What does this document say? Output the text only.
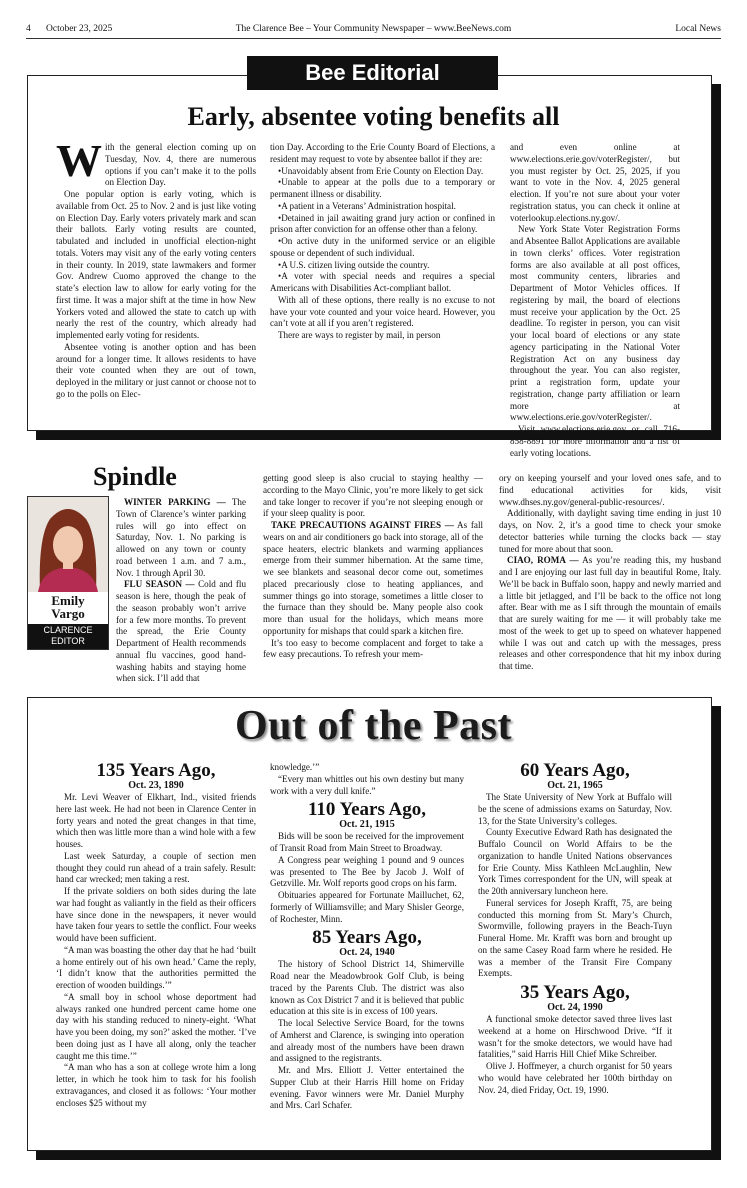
4 October 23, 2025	The Clarence Bee – Your Community Newspaper – www.BeeNews.com	Local News
Bee Editorial
Early, absentee voting benefits all

With the general election coming up on Tuesday, Nov. 4, there are numerous options if you can’t make it to the polls on Election Day.

One popular option is early voting, which is available from Oct. 25 to Nov. 2 and is just like voting on Election Day. Early voters privately mark and scan their ballots. Early voting results are counted, tabulated and included in unofficial election-night totals. Voters may visit any of the early voting centers in their county. In 2019, state lawmakers and former Gov. Andrew Cuomo approved the change to the state’s election law to allow for early voting for the first time. It was a major shift at the time in how New Yorkers voted and allowed the state to catch up with nearly the rest of the country, which already had implemented early voting for residents.

Absentee voting is another option and has been around for a longer time. It allows residents to have their vote counted when they are out of town, deployed in the military or just cannot or choose not to go to the polls on Elec-

tion Day. According to the Erie County Board of Elections, a resident may request to vote by absentee ballot if they are:

• Unavoidably absent from Erie County on Election Day.

• Unable to appear at the polls due to a temporary or permanent illness or disability.

• A patient in a Veterans’ Administration hospital.

• Detained in jail awaiting grand jury action or confined in prison after conviction for an offense other than a felony.

• On active duty in the uniformed service or an eligible spouse or dependent of such individual.

• A U.S. citizen living outside the country.

• A voter with special needs and requires a special Americans with Disabilities Act-compliant ballot.

With all of these options, there really is no excuse to not have your vote counted and your voice heard. However, you can’t vote at all if you aren’t registered.

There are ways to register by mail, in person

and even online at www.elections.erie.gov/voterRegister/, but you must register by Oct. 25, 2025, if you want to vote in the Nov. 4, 2025 general election. If you’re not sure about your voter registration status, you can check it online at voterlookup.elections.ny.gov/.

New York State Voter Registration Forms and Absentee Ballot Applications are available in town clerks’ offices. Voter registration forms are also available at all post offices, most community centers, libraries and Department of Motor Vehicles offices. If registering by mail, the board of elections must receive your application by the Oct. 25 deadline. To register in person, you can visit your local board of elections or any state agency participating in the National Voter Registration Act on any business day throughout the year. You can also register, print a registration form, update your registration, change party affiliation or learn more at www.elections.erie.gov/voterRegister/.

Visit www.elections.erie.gov or call 716-858-8891 for more information and a list of early voting locations.

Spindle
Emily
Vargo
CLARENCE
EDITOR

WINTER PARKING — The Town of Clarence’s winter parking rules will go into effect on Saturday, Nov. 1. No parking is allowed on any town or county road between 1 a.m. and 7 a.m., Nov. 1 through April 30.

FLU SEASON — Cold and flu season is here, though the peak of the season probably won’t arrive for a few more months. To prevent the spread, the Erie County Department of Health recommends annual flu vaccines, good hand-washing habits and staying home when sick. I’ll add that

getting good sleep is also crucial to staying healthy — according to the Mayo Clinic, you’re more likely to get sick and take longer to recover if you’re not sleeping enough or if your sleep quality is poor.

TAKE PRECAUTIONS AGAINST FIRES — As fall wears on and air conditioners go back into storage, all of the space heaters, electric blankets and warming appliances emerge from their summer hibernation. At the same time, we see blankets and seasonal decor come out, sometimes placed precariously close to heating appliances, and summer things go into storage, sometimes a little closer to the furnace than they should be. Many people also cook more than usual for the holidays, which means more opportunity for mishaps that could spark a kitchen fire.

It’s too easy to become complacent and forget to take a few easy precautions. To refresh your mem-

ory on keeping yourself and your loved ones safe, and to find educational activities for kids, visit www.dhses.ny.gov/general-public-resources/.

Additionally, with daylight saving time ending in just 10 days, on Nov. 2, it’s a good time to check your smoke detector batteries while turning the clocks back — stay tuned for more about that soon.

CIAO, ROMA — As you’re reading this, my husband and I are enjoying our last full day in beautiful Rome, Italy. We’ll be back in Buffalo soon, happy and newly married and a little bit jetlagged, and I’ll be back to the office not long after. Bear with me as I sift through the mountain of emails that are surely waiting for me — it will probably take me most of the week to get up to speed on whatever happened while I was out and catch up with the messages, press releases and other correspondence that hit my inbox during that time.

Out of the Past
135 Years Ago,
Oct. 23, 1890

Mr. Levi Weaver of Elkhart, Ind., visited friends here last week. He had not been in Clarence Center in forty years and noted the great changes in that time, which then was little more than a wind hole with a few houses.

Last week Saturday, a couple of section men thought they could run ahead of a train safely. Result: hand car wrecked; men taking a rest.

If the private soldiers on both sides during the late war had fought as valiantly in the field as their officers have since done in the newspapers, it never would have taken four years to settle the conflict. Four weeks would have been sufficient.

“A man was boasting the other day that he had ‘built a home entirely out of his own head.’ Came the reply, ‘I didn’t know that the authorities permitted the erection of wooden buildings.’”

“A small boy in school whose deportment had always ranked one hundred percent came home one day with his standing reduced to ninety-eight. ‘What have you been doing, my son?’ asked the mother. ‘I’ve been doing just as I have all along, only the teacher caught me this time.’”

“A man who has a son at college wrote him a long letter, in which he took him to task for his foolish extravagances, and closed it as follows: ‘Your mother encloses $25 without my

knowledge.’”

“Every man whittles out his own destiny but many work with a very dull knife.”

110 Years Ago,
Oct. 21, 1915

Bids will be soon be received for the improvement of Transit Road from Main Street to Broadway.

A Congress pear weighing 1 pound and 9 ounces was presented to The Bee by Jacob J. Wolf of Getzville. Mr. Wolf reports good crops on his farm.

Obituaries appeared for Fortunate Mailluchet, 62, formerly of Williamsville; and Mary Shisler George, of Rochester, Minn.

85 Years Ago,
Oct. 24, 1940

The history of School District 14, Shimerville Road near the Meadowbrook Golf Club, is being traced by the Parents Club. The district was also known as Cox District 7 and it is believed that public education at this site is in excess of 100 years.

The local Selective Service Board, for the towns of Amherst and Clarence, is swinging into operation and already most of the numbers have been drawn and assigned to the registrants.

Mr. and Mrs. Elliott J. Vetter entertained the Supper Club at their Harris Hill home on Friday evening. Favor winners were Mr. Daniel Murphy and Mrs. Carl Schafer.

60 Years Ago,
Oct. 21, 1965

The State University of New York at Buffalo will be the scene of admissions exams on Saturday, Nov. 13, for the State University’s colleges.

County Executive Edward Rath has designated the Buffalo Council on World Affairs to be the organization to handle United Nations observances for Erie County. Miss Kathleen McLaughlin, New York Times correspondent for the UN, will speak at the 20th anniversary luncheon here.

Funeral services for Joseph Krafft, 75, are being conducted this morning from St. Mary’s Church, Swormville, following prayers in the Beach-Tuyn Funeral Home. Mr. Krafft was born and brought up on the same Casey Road farm where he resided. He was a member of the Transit Fire Company Exempts.

35 Years Ago,
Oct. 24, 1990

A functional smoke detector saved three lives last weekend at a home on Hirschwood Drive. “If it wasn’t for the smoke detectors, we would have had fatalities,” said Harris Hill Chief Mike Schreiber.

Olive J. Hoffmeyer, a church organist for 50 years who would have celebrated her 100th birthday on Nov. 24, died Friday, Oct. 19, 1990.
